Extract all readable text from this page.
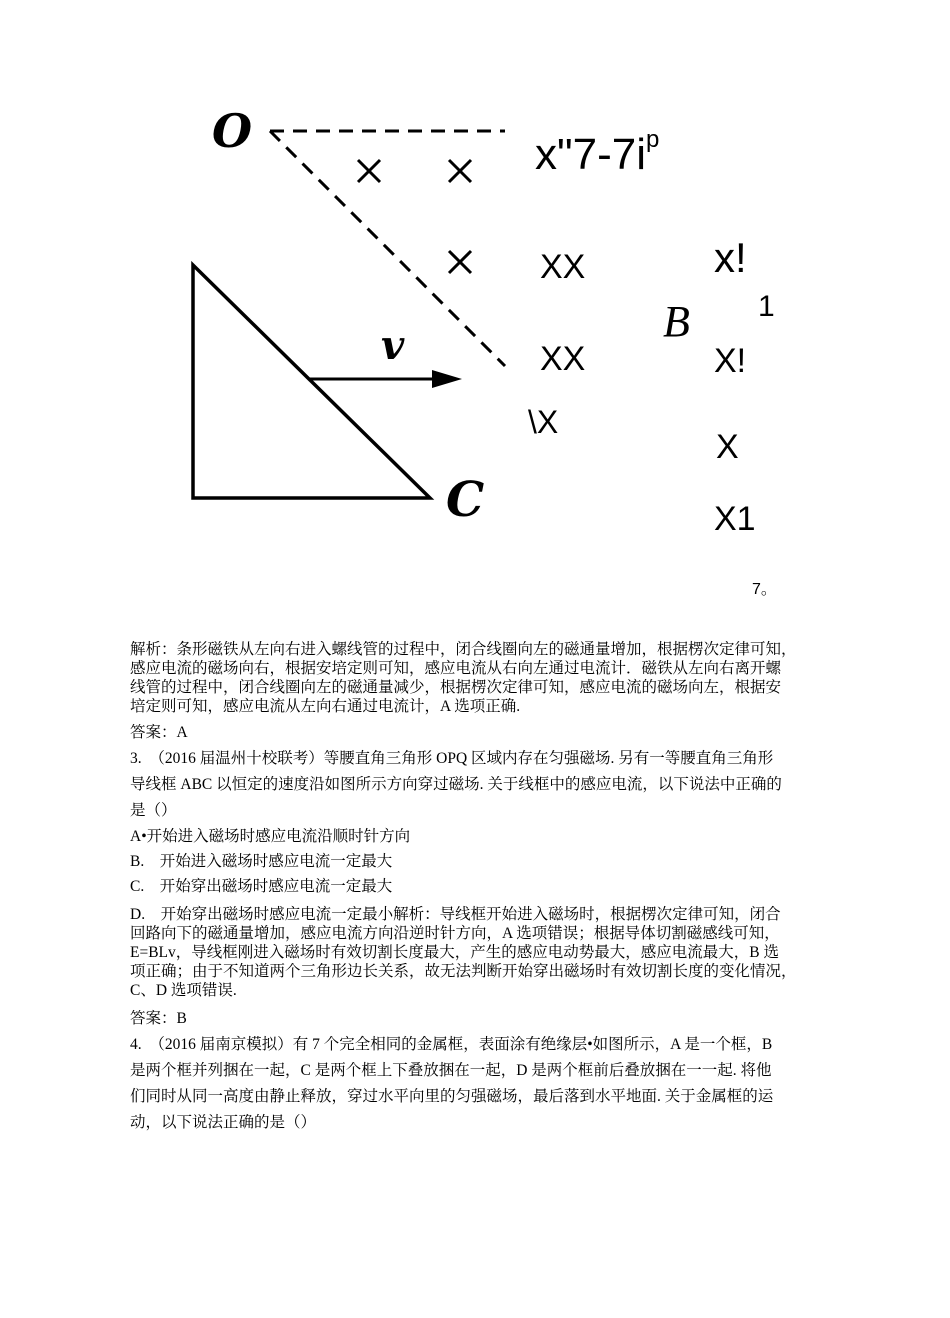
O
v
C
B
$x"7-7i^p$
x!
XX
1
XX	X!
\X
X
X1
7。

解析：条形磁铁从左向右进入螺线管的过程中，闭合线圈向左的磁通量增加，根据楞次定律可知，

感应电流的磁场向右，根据安培定则可知，感应电流从右向左通过电流计．磁铁从左向右离开螺

线管的过程中，闭合线圈向左的磁通量减少，根据楞次定律可知，感应电流的磁场向左，根据安

培定则可知，感应电流从左向右通过电流计，A 选项正确.

答案：A

3.　（2016 届温州十校联考）等腰直角三角形 OPQ 区域内存在匀强磁场. 另有一等腰直角三角形

导线框 ABC 以恒定的速度沿如图所示方向穿过磁场. 关于线框中的感应电流，以下说法中正确的

是（）

A•开始进入磁场时感应电流沿顺时针方向

B.　开始进入磁场时感应电流一定最大

C.　开始穿出磁场时感应电流一定最大

D.　开始穿出磁场时感应电流一定最小解析：导线框开始进入磁场时，根据楞次定律可知，闭合

回路向下的磁通量增加，感应电流方向沿逆时针方向，A 选项错误；根据导体切割磁感线可知，

E=BLv，导线框刚进入磁场时有效切割长度最大，产生的感应电动势最大，感应电流最大，B 选

项正确；由于不知道两个三角形边长关系，故无法判断开始穿出磁场时有效切割长度的变化情况，

C、D 选项错误.

答案：B

4.　（2016 届南京模拟）有 7 个完全相同的金属框，表面涂有绝缘层•如图所示，A 是一个框，B

是两个框并列捆在一起，C 是两个框上下叠放捆在一起，D 是两个框前后叠放捆在一一起. 将他

们同时从同一高度由静止释放，穿过水平向里的匀强磁场，最后落到水平地面. 关于金属框的运

动，以下说法正确的是（）
